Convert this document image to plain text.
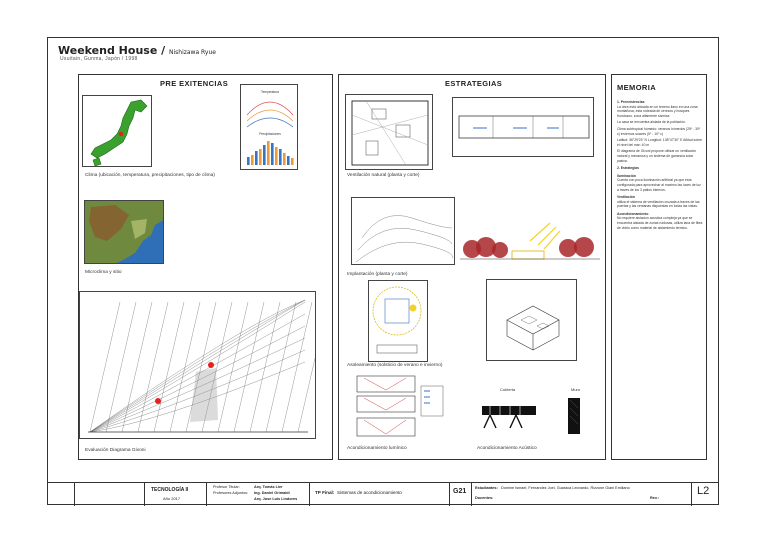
Weekend House / Nishizawa Ryue
Usuitain, Gunma, Japón / 1998
PRE EXITENCIAS
Temperatura
Precipitaciones
Clima (ubicación, temperatura, precipitaciones, tipo de clima)
Microclima y sitio
Evaluación Diagrama Givoni
ESTRATEGIAS
Ventilación natural (planta y corte)
Implantación (planta y corte)
Asoleamiento (solsticio de verano e invierno)
Acondicionamiento lumínico
Cubierta	Muro
Acondicionamiento Acústico
MEMORIA
1. Preexistencias

La obra está ubicada en un terreno llano en una zona montañosa, esta rodeada de cerezos y bosques frondosos. zona altamente sísmica

La casa se encuentra aislada de la población.

Clima subtropical húmedo: veranos húmedos (25º - 30º c) inviernos suaves (5º - 10º c)

Latitud: 36°29'23" N Longitud: 138°47'30" E Altitud sobre el nivel del mar: 40 m

El diagrama de Givoni propone utilizar un ventilación natural y mecanica y un sistema de ganancia solar pasiva.

2. Estrategias
Iluminación

Cuenta con poca iluminación artificial ya que esta configurada para aprovechar al maximo las luces de luz a traves de los 3 patios internos.

Ventilación

utiliza el sistema de ventilacion cruzada a traves de las puertas y las ventanas dispuestas en todas las vistas.

Acondicionamiento

No requiere aislacion acustica compleja ya que se encuentra aislada de zonas ruidosas, utiliza lana de fibra de vidrio como material de aislamiento termico.

TECNOLOGÍA II
Año 2017
Profesor Titular:	Arq. Tomás Lier
Profesores Adjuntos: Ing. Daniel Grimaldi
Arq. Jose Luis Lindores
TP Final: Sistemas de acondicionamiento	G21 Estudiantes: Domine Ismael, Fernandez Joel, Guaraca Leonardo, Rizzone Giani Emiliano
Docentes:	Rev.:
L2
